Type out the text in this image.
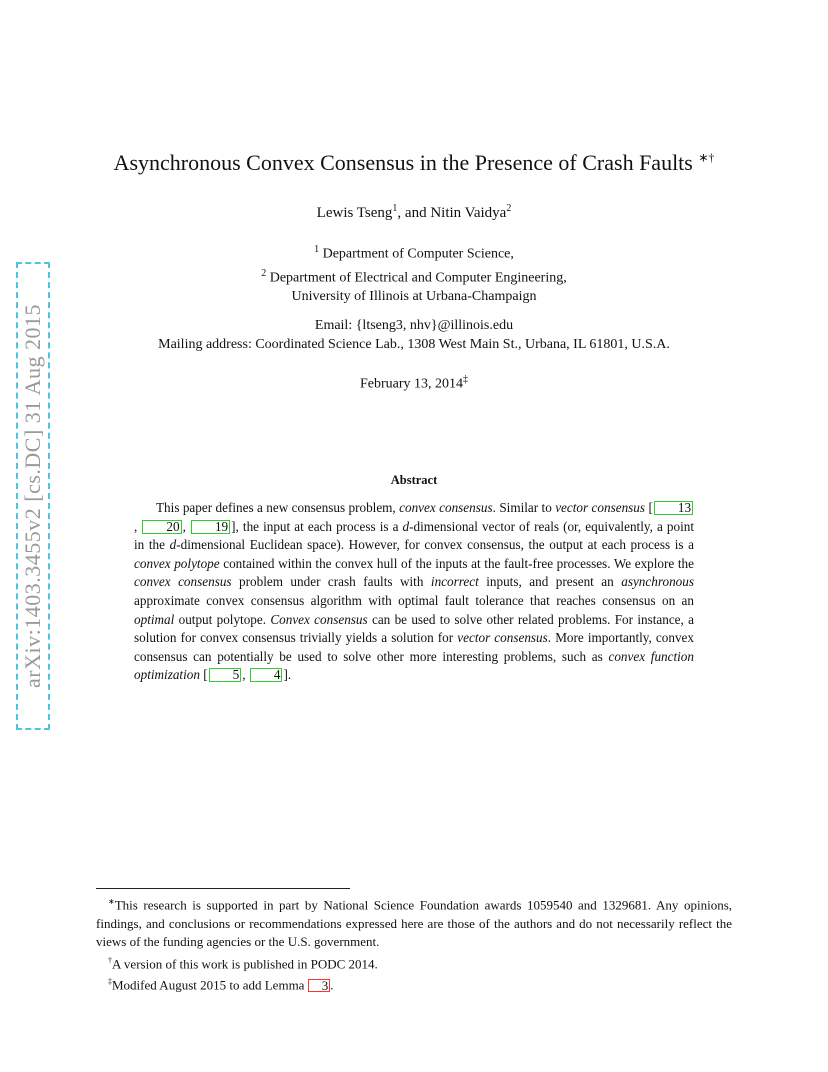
arXiv:1403.3455v2 [cs.DC] 31 Aug 2015
Asynchronous Convex Consensus in the Presence of Crash Faults ∗†
Lewis Tseng$^1$, and Nitin Vaidya$^2$
$^1$ Department of Computer Science,
$^2$ Department of Electrical and Computer Engineering,
University of Illinois at Urbana-Champaign
Email: {ltseng3, nhv}@illinois.edu
Mailing address: Coordinated Science Lab., 1308 West Main St., Urbana, IL 61801, U.S.A.
February 13, 2014‡
Abstract

This paper defines a new consensus problem, convex consensus. Similar to vector consensus [ 13, 20 , 19 ], the input at each process is a d-dimensional vector of reals (or, equivalently, a point in the d-dimensional Euclidean space). However, for convex consensus, the output at each process is a convex polytope contained within the convex hull of the inputs at the fault-free processes. We explore the convex consensus problem under crash faults with incorrect inputs, and present an asynchronous approximate convex consensus algorithm with optimal fault tolerance that reaches consensus on an optimal output polytope. Convex consensus can be used to solve other related problems. For instance, a solution for convex consensus trivially yields a solution for vector consensus. More importantly, convex consensus can potentially be used to solve other more interesting problems, such as convex function optimization [ 5 , 4 ].

∗This research is supported in part by National Science Foundation awards 1059540 and 1329681. Any opinions, findings, and conclusions or recommendations expressed here are those of the authors and do not necessarily reflect the views of the funding agencies or the U.S. government.

†A version of this work is published in PODC 2014.

‡Modifed August 2015 to add Lemma 3 .
